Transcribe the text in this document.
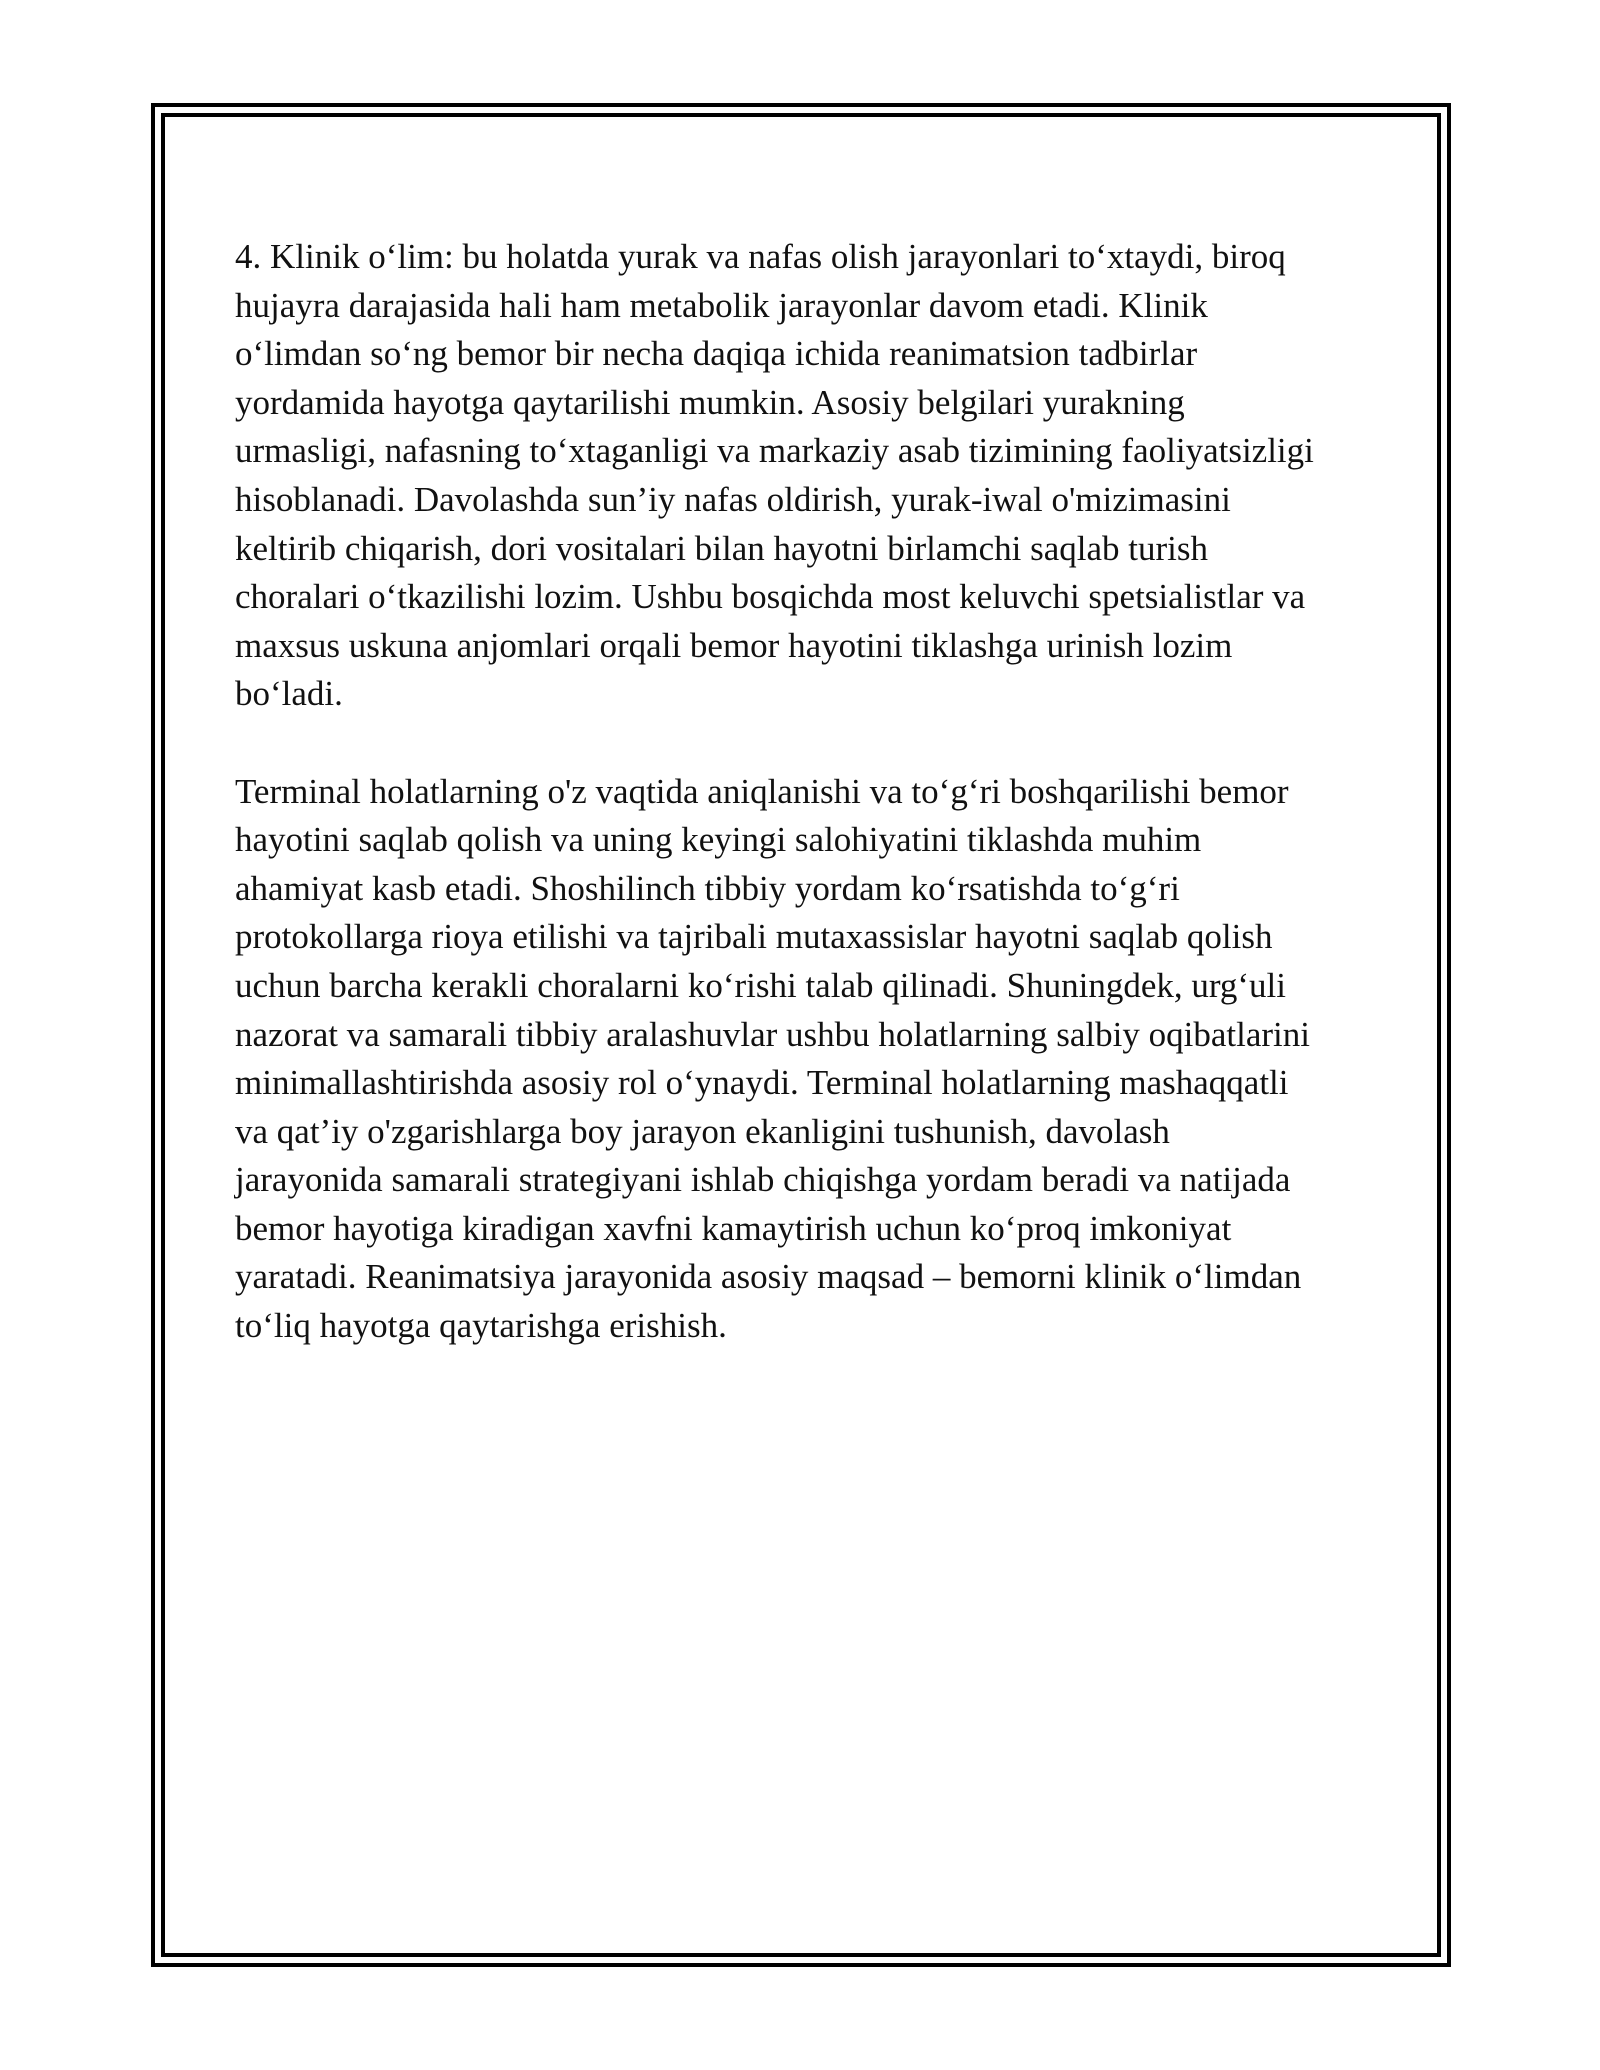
4. Klinik o‘lim: bu holatda yurak va nafas olish jarayonlari to‘xtaydi, biroq
hujayra darajasida hali ham metabolik jarayonlar davom etadi. Klinik
o‘limdan so‘ng bemor bir necha daqiqa ichida reanimatsion tadbirlar
yordamida hayotga qaytarilishi mumkin. Asosiy belgilari yurakning
urmasligi, nafasning to‘xtaganligi va markaziy asab tizimining faoliyatsizligi
hisoblanadi. Davolashda sun’iy nafas oldirish, yurak-iwal o'mizimasini
keltirib chiqarish, dori vositalari bilan hayotni birlamchi saqlab turish
choralari o‘tkazilishi lozim. Ushbu bosqichda most keluvchi spetsialistlar va
maxsus uskuna anjomlari orqali bemor hayotini tiklashga urinish lozim
bo‘ladi.

Terminal holatlarning o'z vaqtida aniqlanishi va to‘g‘ri boshqarilishi bemor
hayotini saqlab qolish va uning keyingi salohiyatini tiklashda muhim
ahamiyat kasb etadi. Shoshilinch tibbiy yordam ko‘rsatishda to‘g‘ri
protokollarga rioya etilishi va tajribali mutaxassislar hayotni saqlab qolish
uchun barcha kerakli choralarni ko‘rishi talab qilinadi. Shuningdek, urg‘uli
nazorat va samarali tibbiy aralashuvlar ushbu holatlarning salbiy oqibatlarini
minimallashtirishda asosiy rol o‘ynaydi. Terminal holatlarning mashaqqatli
va qat’iy o'zgarishlarga boy jarayon ekanligini tushunish, davolash
jarayonida samarali strategiyani ishlab chiqishga yordam beradi va natijada
bemor hayotiga kiradigan xavfni kamaytirish uchun ko‘proq imkoniyat
yaratadi. Reanimatsiya jarayonida asosiy maqsad – bemorni klinik o‘limdan
to‘liq hayotga qaytarishga erishish.
